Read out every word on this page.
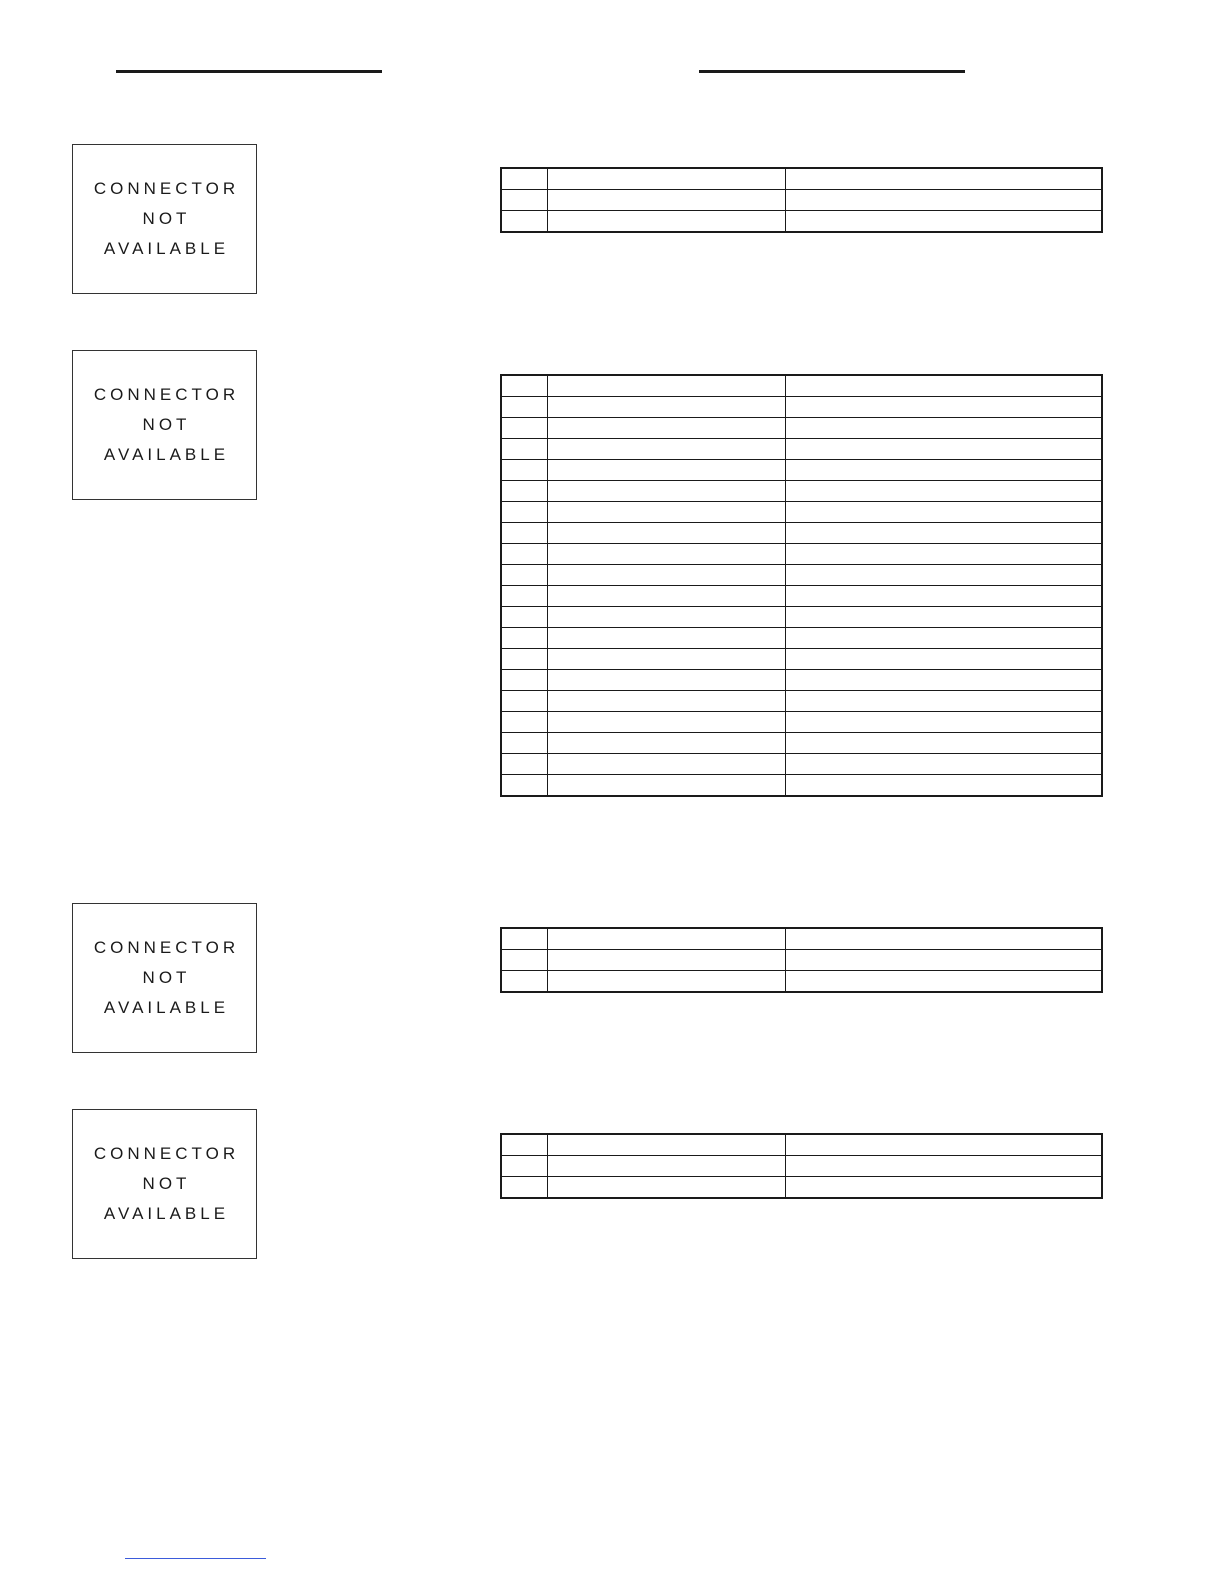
CONNECTOR
NOT
AVAILABLE
CONNECTOR
NOT
AVAILABLE
CONNECTOR
NOT
AVAILABLE
CONNECTOR
NOT
AVAILABLE
